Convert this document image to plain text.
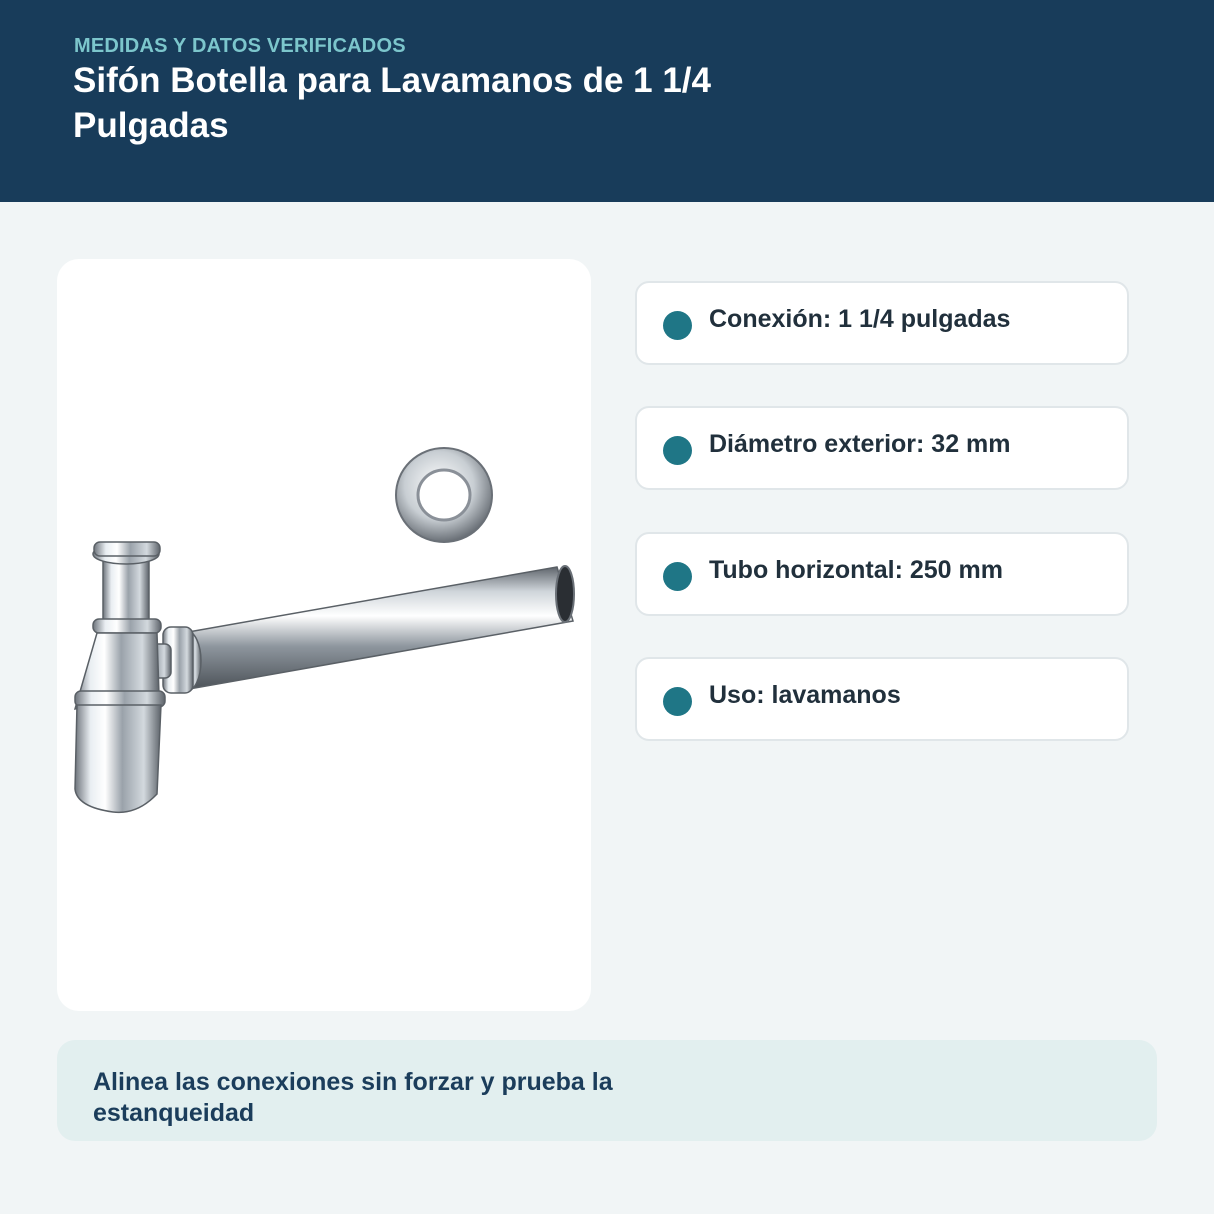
MEDIDAS Y DATOS VERIFICADOS
Sifón Botella para Lavamanos de 1 1/4 Pulgadas
Conexión: 1 1/4 pulgadas
Diámetro exterior: 32 mm
Tubo horizontal: 250 mm
Uso: lavamanos
Alinea las conexiones sin forzar y prueba la estanqueidad
